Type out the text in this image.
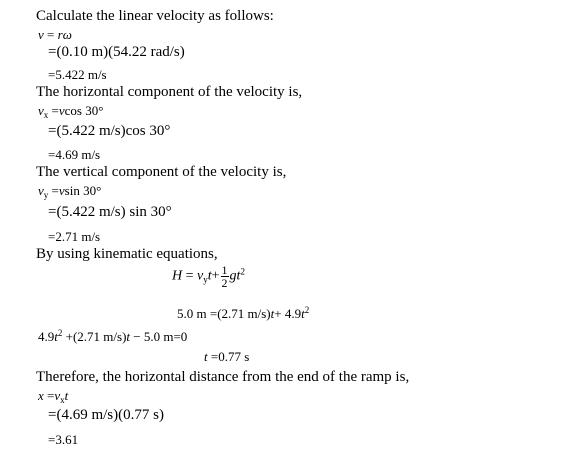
Calculate the linear velocity as follows:
v = rω
=(0.10 m)(54.22 rad/s)
=5.422 m/s
The horizontal component of the velocity is,
$v_x =vcos$ 30°
=(5.422 m/s)cos 30°
=4.69 m/s
The vertical component of the velocity is,
$v_y =vsin$ 30°
=(5.422 m/s) sin 30°
=2.71 m/s
By using kinematic equations,
$H = v_yt+ \frac{1}{2} gt^2$
5.0 m =(2.71 $m/s)t+ 4.9t^2$
$4.9t^2 +(2.71$ m/s)t − 5.0 m=0
t =0.77 s
Therefore, the horizontal distance from the end of the ramp is,
$x =v_xt$
=(4.69 m/s)(0.77 s)
=3.61
